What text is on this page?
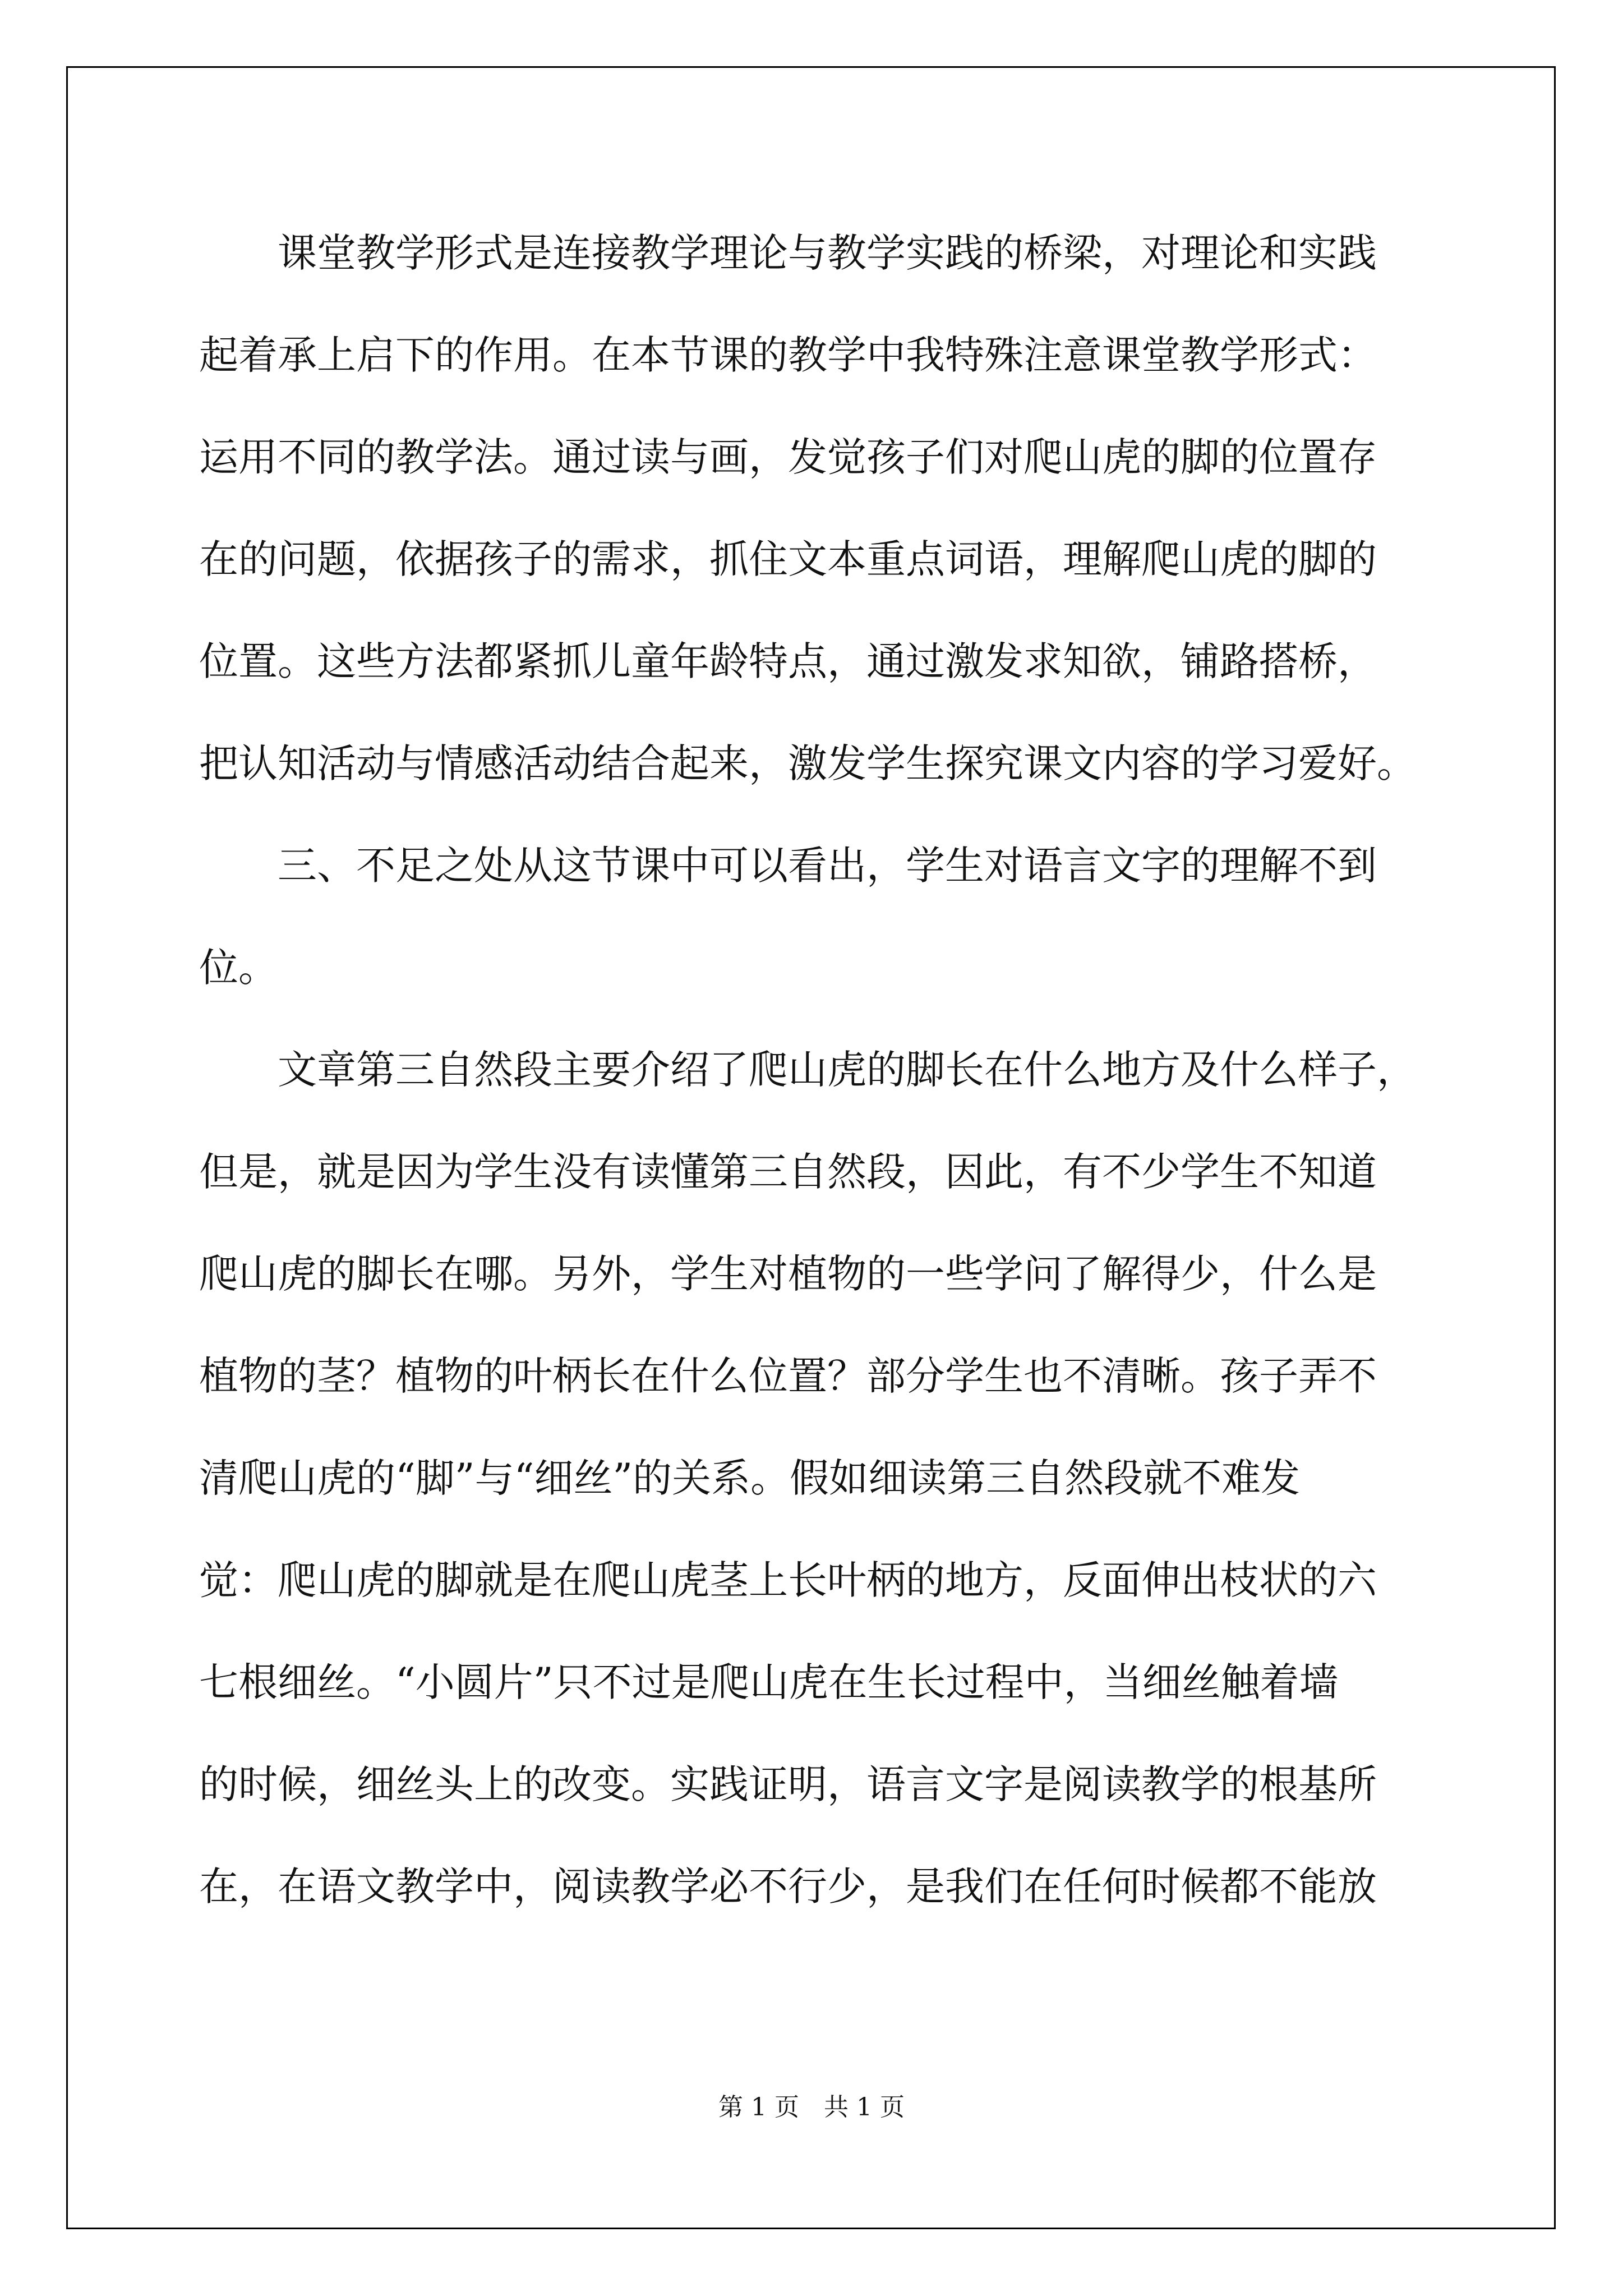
　　课堂教学形式是连接教学理论与教学实践的桥梁，对理论和实践
起着承上启下的作用。在本节课的教学中我特殊注意课堂教学形式：
运用不同的教学法。通过读与画，发觉孩子们对爬山虎的脚的位置存
在的问题，依据孩子的需求，抓住文本重点词语，理解爬山虎的脚的
位置。这些方法都紧抓儿童年龄特点，通过激发求知欲，铺路搭桥，
把认知活动与情感活动结合起来，激发学生探究课文内容的学习爱好。
　　三、不足之处从这节课中可以看出，学生对语言文字的理解不到
位。
　　文章第三自然段主要介绍了爬山虎的脚长在什么地方及什么样子，
但是，就是因为学生没有读懂第三自然段，因此，有不少学生不知道
爬山虎的脚长在哪。另外，学生对植物的一些学问了解得少，什么是
植物的茎？植物的叶柄长在什么位置？部分学生也不清晰。孩子弄不
清爬山虎的“脚”与“细丝”的关系。假如细读第三自然段就不难发
觉：爬山虎的脚就是在爬山虎茎上长叶柄的地方，反面伸出枝状的六
七根细丝。“小圆片”只不过是爬山虎在生长过程中，当细丝触着墙
的时候，细丝头上的改变。实践证明，语言文字是阅读教学的根基所
在，在语文教学中，阅读教学必不行少，是我们在任何时候都不能放
第 1 页　共 1 页
